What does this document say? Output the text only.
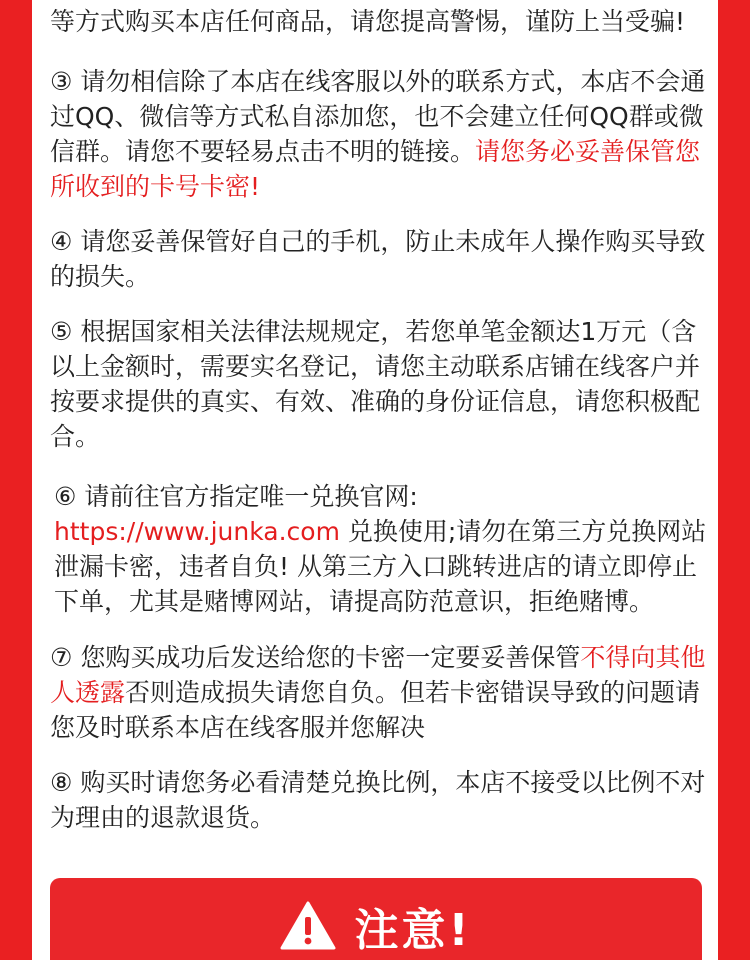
等方式购买本店任何商品，请您提高警惕，谨防上当受骗!

③ 请勿相信除了本店在线客服以外的联系方式，本店不会通过QQ、微信等方式私自添加您，也不会建立任何QQ群或微信群。请您不要轻易点击不明的链接。请您务必妥善保管您所收到的卡号卡密!

④ 请您妥善保管好自己的手机，防止未成年人操作购买导致的损失。

⑤ 根据国家相关法律法规规定，若您单笔金额达1万元（含以上金额时，需要实名登记，请您主动联系店铺在线客户并按要求提供的真实、有效、准确的身份证信息，请您积极配合。

⑥ 请前往官方指定唯一兑换官网:
https://www.junka.com 兑换使用;请勿在第三方兑换网站泄漏卡密，违者自负! 从第三方入口跳转进店的请立即停止下单，尤其是赌博网站，请提高防范意识，拒绝赌博。

⑦ 您购买成功后发送给您的卡密一定要妥善保管不得向其他人透露否则造成损失请您自负。但若卡密错误导致的问题请您及时联系本店在线客服并您解决

⑧ 购买时请您务必看清楚兑换比例，本店不接受以比例不对为理由的退款退货。

注意!
